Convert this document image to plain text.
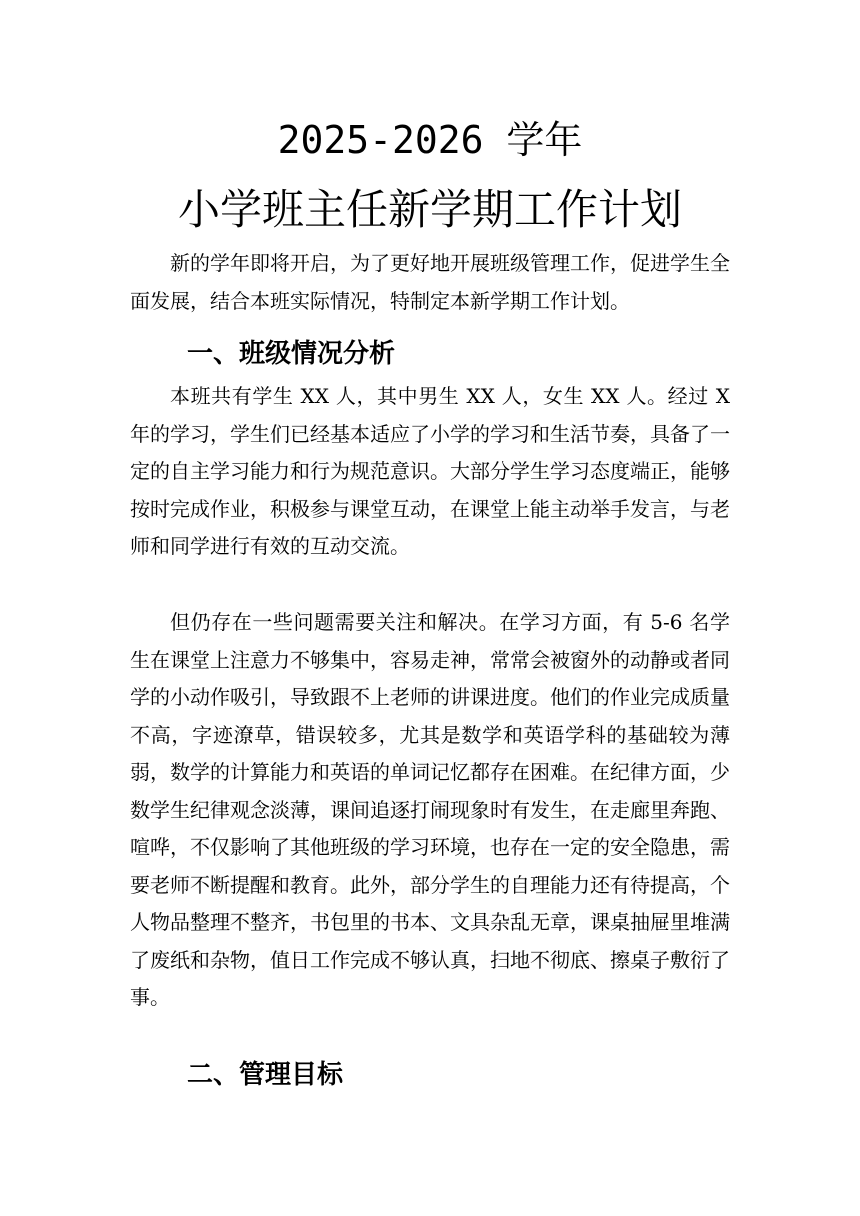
2025-2026 学年
小学班主任新学期工作计划

新的学年即将开启，为了更好地开展班级管理工作，促进学生全面发展，结合本班实际情况，特制定本新学期工作计划。

一、班级情况分析

本班共有学生 XX 人，其中男生 XX 人，女生 XX 人。经过 X 年的学习，学生们已经基本适应了小学的学习和生活节奏，具备了一定的自主学习能力和行为规范意识。大部分学生学习态度端正，能够按时完成作业，积极参与课堂互动，在课堂上能主动举手发言，与老师和同学进行有效的互动交流。

但仍存在一些问题需要关注和解决。在学习方面，有 5-6 名学生在课堂上注意力不够集中，容易走神，常常会被窗外的动静或者同学的小动作吸引，导致跟不上老师的讲课进度。他们的作业完成质量不高，字迹潦草，错误较多，尤其是数学和英语学科的基础较为薄弱，数学的计算能力和英语的单词记忆都存在困难。在纪律方面，少数学生纪律观念淡薄，课间追逐打闹现象时有发生，在走廊里奔跑、喧哗，不仅影响了其他班级的学习环境，也存在一定的安全隐患，需要老师不断提醒和教育。此外，部分学生的自理能力还有待提高，个人物品整理不整齐，书包里的书本、文具杂乱无章，课桌抽屉里堆满了废纸和杂物，值日工作完成不够认真，扫地不彻底、擦桌子敷衍了事。

二、管理目标
